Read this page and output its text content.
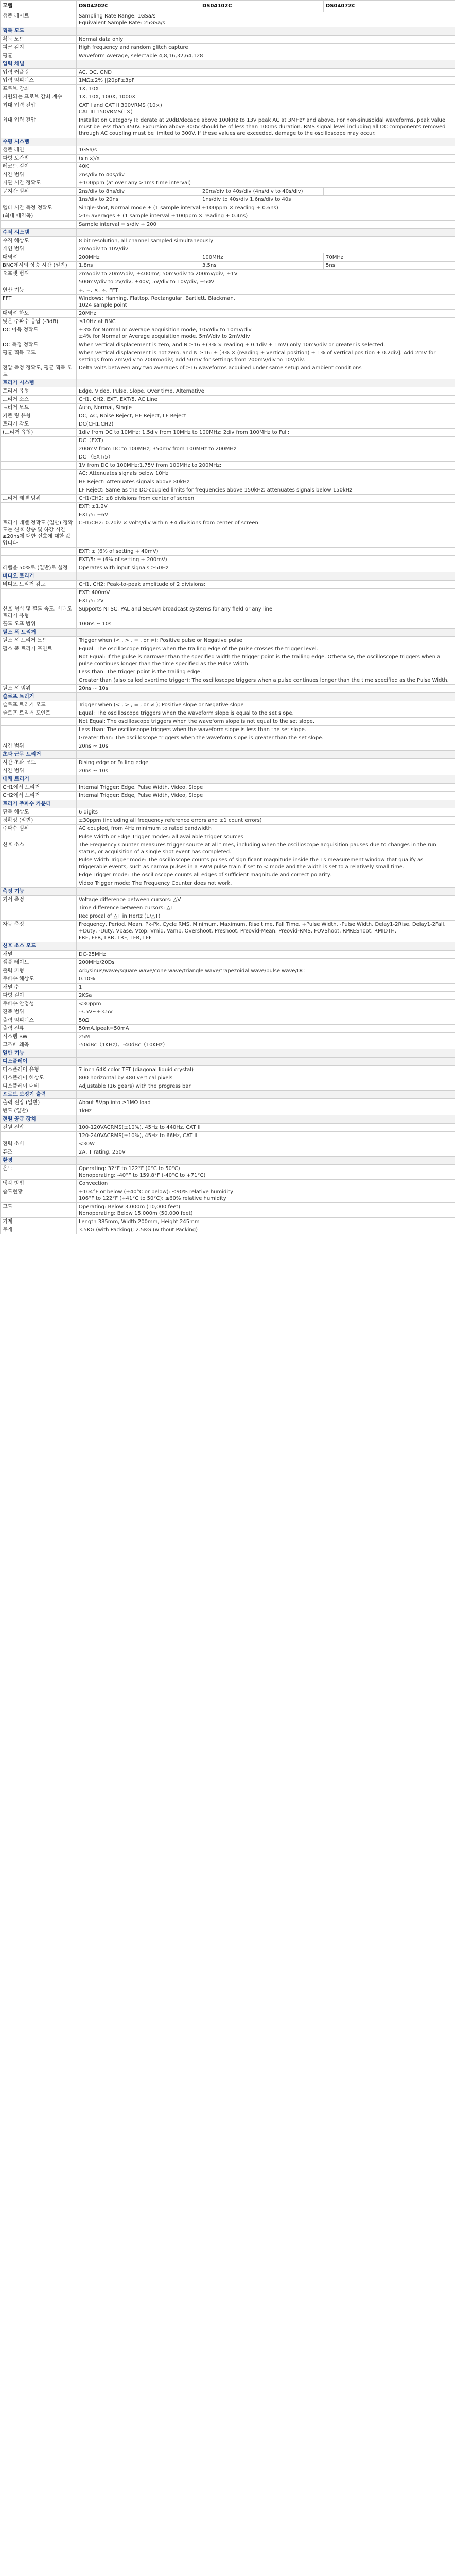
모델	DS04202C	DS04102C	DS04072C
샘플 레이트	Sampling Rate Range: 1GSa/s
Equivalent Sample Rate: 25GSa/s		
획득 모드			
획득 모드	Normal data only		
피크 감지	High frequency and random glitch capture		
평균	Waveform Average, selectable 4,8,16,32,64,128		
입력 채널			
입력 커플링	AC, DC, GND		
입력 임피던스	1MΩ±2% ||20pF±3pF		
프로브 감쇠	1X, 10X		
지원되는 프로브 감쇠 계수	1X, 10X, 100X, 1000X		
최대 입력 전압	CAT I and CAT II 300VRMS (10×)
CAT III 150VRMS(1×)		
최대 입력 전압	Installation Category II; derate at 20dB/decade above 100kHz to 13V peak AC at 3MHz* and above. For non-sinusoidal waveforms, peak value must be less than 450V. Excursion above 300V should be of less than 100ms duration. RMS signal level including all DC components removed through AC coupling must be limited to 300V. If these values are exceeded, damage to the oscilloscope may occur.		
수평 시스템			
샘플 레인	1GSa/s		
파형 보간법	(sin x)/x		
레코드 길이	40K		
시간 범위	2ns/div to 40s/div		
저관 시간 정확도	±100ppm (at over any >1ms time interval)		
공지간 범위	2ns/div to 8ns/div	20ns/div to 40s/div (4ns/div to 40s/div)	
	1ns/div to 20ns	1ns/div to 40s/div 1.6ns/div to 40s	
델타 시간 측정 정확도	Single-shot, Normal mode ± (1 sample interval +100ppm × reading + 0.6ns)		
(최대 대역폭)	>16 averages ± (1 sample interval +100ppm × reading + 0.4ns)		
	Sample interval = s/div ÷ 200		
수직 시스템			
수직 해상도	8 bit resolution, all channel sampled simultaneously		
게인 범위	2mV/div to 10V/div		
대역폭	200MHz	100MHz	70MHz
BNC에서의 상승 시간 (일반)	1.8ns	3.5ns	5ns
오프셋 범위	2mV/div to 20mV/div, ±400mV; 50mV/div to 200mV/div, ±1V		
	500mV/div to 2V/div, ±40V; 5V/div to 10V/div, ±50V		
연산 기능	+, −, ×, ÷, FFT		
FFT	Windows: Hanning, Flattop, Rectangular, Bartlett, Blackman,
1024 sample point		
대역폭 한도	20MHz		
낮은 주파수 응답 (-3dB)	≤10Hz at BNC		
DC 이득 정확도	±3% for Normal or Average acquisition mode, 10V/div to 10mV/div
±4% for Normal or Average acquisition mode, 5mV/div to 2mV/div		
DC 측정 정확도	When vertical displacement is zero, and N ≥16 ±(3% × reading + 0.1div + 1mV) only 10mV/div or greater is selected.		
평균 획득 모드	When vertical displacement is not zero, and N ≥16: ± [3% × (reading + vertical position) + 1% of vertical position + 0.2div]. Add 2mV for settings from 2mV/div to 200mV/div; add 50mV for settings from 200mV/div to 10V/div.		
전압 측정 정확도, 평균 획득 모드	Delta volts between any two averages of ≥16 waveforms acquired under same setup and ambient conditions		
트리거 시스템			
트리거 유형	Edge, Video, Pulse, Slope, Over time, Alternative		
트리거 소스	CH1, CH2, EXT, EXT/5, AC Line		
트리거 모드	Auto, Normal, Single		
커플 링 유형	DC, AC, Noise Reject, HF Reject, LF Reject		
트리거 감도	DC(CH1,CH2)		
(트리거 유형)	1div from DC to 10MHz; 1.5div from 10MHz to 100MHz; 2div from 100MHz to Full;		
	DC（EXT)		
	200mV from DC to 100MHz; 350mV from 100MHz to 200MHz		
	DC （EXT/5）		
	1V from DC to 100MHz;1.75V from 100MHz to 200MHz;		
	AC: Attenuates signals below 10Hz		
	HF Reject: Attenuates signals above 80kHz		
	LF Reject: Same as the DC-coupled limits for frequencies above 150kHz; attenuates signals below 150kHz		
트리거 레벨 범위	CH1/CH2: ±8 divisions from center of screen		
	EXT: ±1.2V		
	EXT/5: ±6V		
트리거 레벨 정확도 (일반) 정확도는 신호 상승 및 하강 시간 ≥20ns에 대한 신호에 대한 값입니다	CH1/CH2: 0.2div × volts/div within ±4 divisions from center of screen		
	EXT: ± (6% of setting + 40mV)		
	EXT/5: ± (6% of setting + 200mV)		
레벨을 50%로 (일반)로 설정	Operates with input signals ≥50Hz		
비디오 트리거			
비디오 트리거 감도	CH1, CH2: Peak-to-peak amplitude of 2 divisions;		
	EXT: 400mV		
	EXT/5: 2V		
신호 형식 및 필드 속도, 비디오 트리거 유형	Supports NTSC, PAL and SECAM broadcast systems for any field or any line		
홀드 오프 범위	100ns ~ 10s		
펄스 폭 트리거			
펄스 폭 트리거 모드	Trigger when (< , > , = , or ≠); Positive pulse or Negative pulse		
펄스 폭 트리거 포인트	Equal: The oscilloscope triggers when the trailing edge of the pulse crosses the trigger level.		
	Not Equal: If the pulse is narrower than the specified width the trigger point is the trailing edge. Otherwise, the oscilloscope triggers when a pulse continues longer than the time specified as the Pulse Width.		
	Less than: The trigger point is the trailing edge.		
	Greater than (also called overtime trigger): The oscilloscope triggers when a pulse continues longer than the time specified as the Pulse Width.		
펄스 폭 범위	20ns ~ 10s		
슬로프 트리거			
슬로프 트리거 모드	Trigger when (< , > , = , or ≠ ); Positive slope or Negative slope		
슬로프 트리거 포인트	Equal: The oscilloscope triggers when the waveform slope is equal to the set slope.		
	Not Equal: The oscilloscope triggers when the waveform slope is not equal to the set slope.		
	Less than: The oscilloscope triggers when the waveform slope is less than the set slope.		
	Greater than: The oscilloscope triggers when the waveform slope is greater than the set slope.		
시간 범위	20ns ~ 10s		
초과 근무 트리거			
시간 초과 모드	Rising edge or Falling edge		
시간 범위	20ns ~ 10s		
대체 트리거			
CH1에서 트리거	Internal Trigger: Edge, Pulse Width, Video, Slope		
CH2에서 트리거	Internal Trigger: Edge, Pulse Width, Video, Slope		
트리거 주파수 카운터			
판독 해상도	6 digits		
정확성 (일반)	±30ppm (including all frequency reference errors and ±1 count errors)		
주파수 범위	AC coupled, from 4Hz minimum to rated bandwidth		
	Pulse Width or Edge Trigger modes: all available trigger sources		
신호 소스	The Frequency Counter measures trigger source at all times, including when the oscilloscope acquisition pauses due to changes in the run status, or acquisition of a single shot event has completed.		
	Pulse Width Trigger mode: The oscilloscope counts pulses of significant magnitude inside the 1s measurement window that qualify as triggerable events, such as narrow pulses in a PWM pulse train if set to < mode and the width is set to a relatively small time.		
	Edge Trigger mode: The oscilloscope counts all edges of sufficient magnitude and correct polarity.		
	Video Trigger mode: The Frequency Counter does not work.		
측정 기능			
커서 측정	Voltage difference between cursors: △V		
	Time difference between cursors: △T		
	Reciprocal of △T in Hertz (1/△T)		
자동 측정	Frequency, Period, Mean, Pk-Pk, Cycle RMS, Minimum, Maximum, Rise time, Fall Time, +Pulse Width, -Pulse Width, Delay1-2Rise, Delay1-2Fall, +Duty, -Duty, Vbase, Vtop, Vmid, Vamp, Overshoot, Preshoot, Preovid-Mean, Preovid-RMS, FOVShoot, RPREShoot, RMIDTH,
FRF, FFR, LRR, LRF, LFR, LFF		
신호 소스 모드			
채널	DC-25MHz		
샘플 레이트	200MHz/20Ds		
출력 파형	Arb/sinus/wave/square wave/cone wave/triangle wave/trapezoidal wave/pulse wave/DC		
주파수 해상도	0.10%		
채널 수	1		
파형 길이	2KSa		
주파수 안정성	<30ppm		
진폭 범위	-3.5V~+3.5V		
출력 임피던스	50Ω		
출력 전류	50mA,Ipeak=50mA		
시스템 BW	25M		
고조파 왜곡	-50dBc（1KHz）、-40dBc（10KHz）		
일반 기능			
디스플레이			
디스플레이 유형	7 inch 64K color TFT (diagonal liquid crystal)		
디스플레이 해상도	800 horizontal by 480 vertical pixels		
디스플레이 대비	Adjustable (16 gears) with the progress bar		
프로브 보정기 출력			
출력 전압 (일반)	About 5Vpp into ≥1MΩ load		
빈도 (일반)	1kHz		
전원 공급 장치			
전원 전압	100-120VACRMS(±10%), 45Hz to 440Hz, CAT II		
	120-240VACRMS(±10%), 45Hz to 66Hz, CAT II		
전력 소비	<30W		
퓨즈	2A, T rating, 250V		
환경			
온도	Operating: 32°F to 122°F (0°C to 50°C)
Nonoperating: -40°F to 159.8°F (-40°C to +71°C)		
냉각 방법	Convection		
습도현황	+104°F or below (+40°C or below): ≤90% relative humidity
106°F to 122°F (+41°C to 50°C): ≤60% relative humidity		
고도	Operating: Below 3,000m (10,000 feet)
Nonoperating: Below 15,000m (50,000 feet)		
기계	Length 385mm, Width 200mm, Height 245mm		
무게	3.5KG (with Packing); 2.5KG (without Packing)		
